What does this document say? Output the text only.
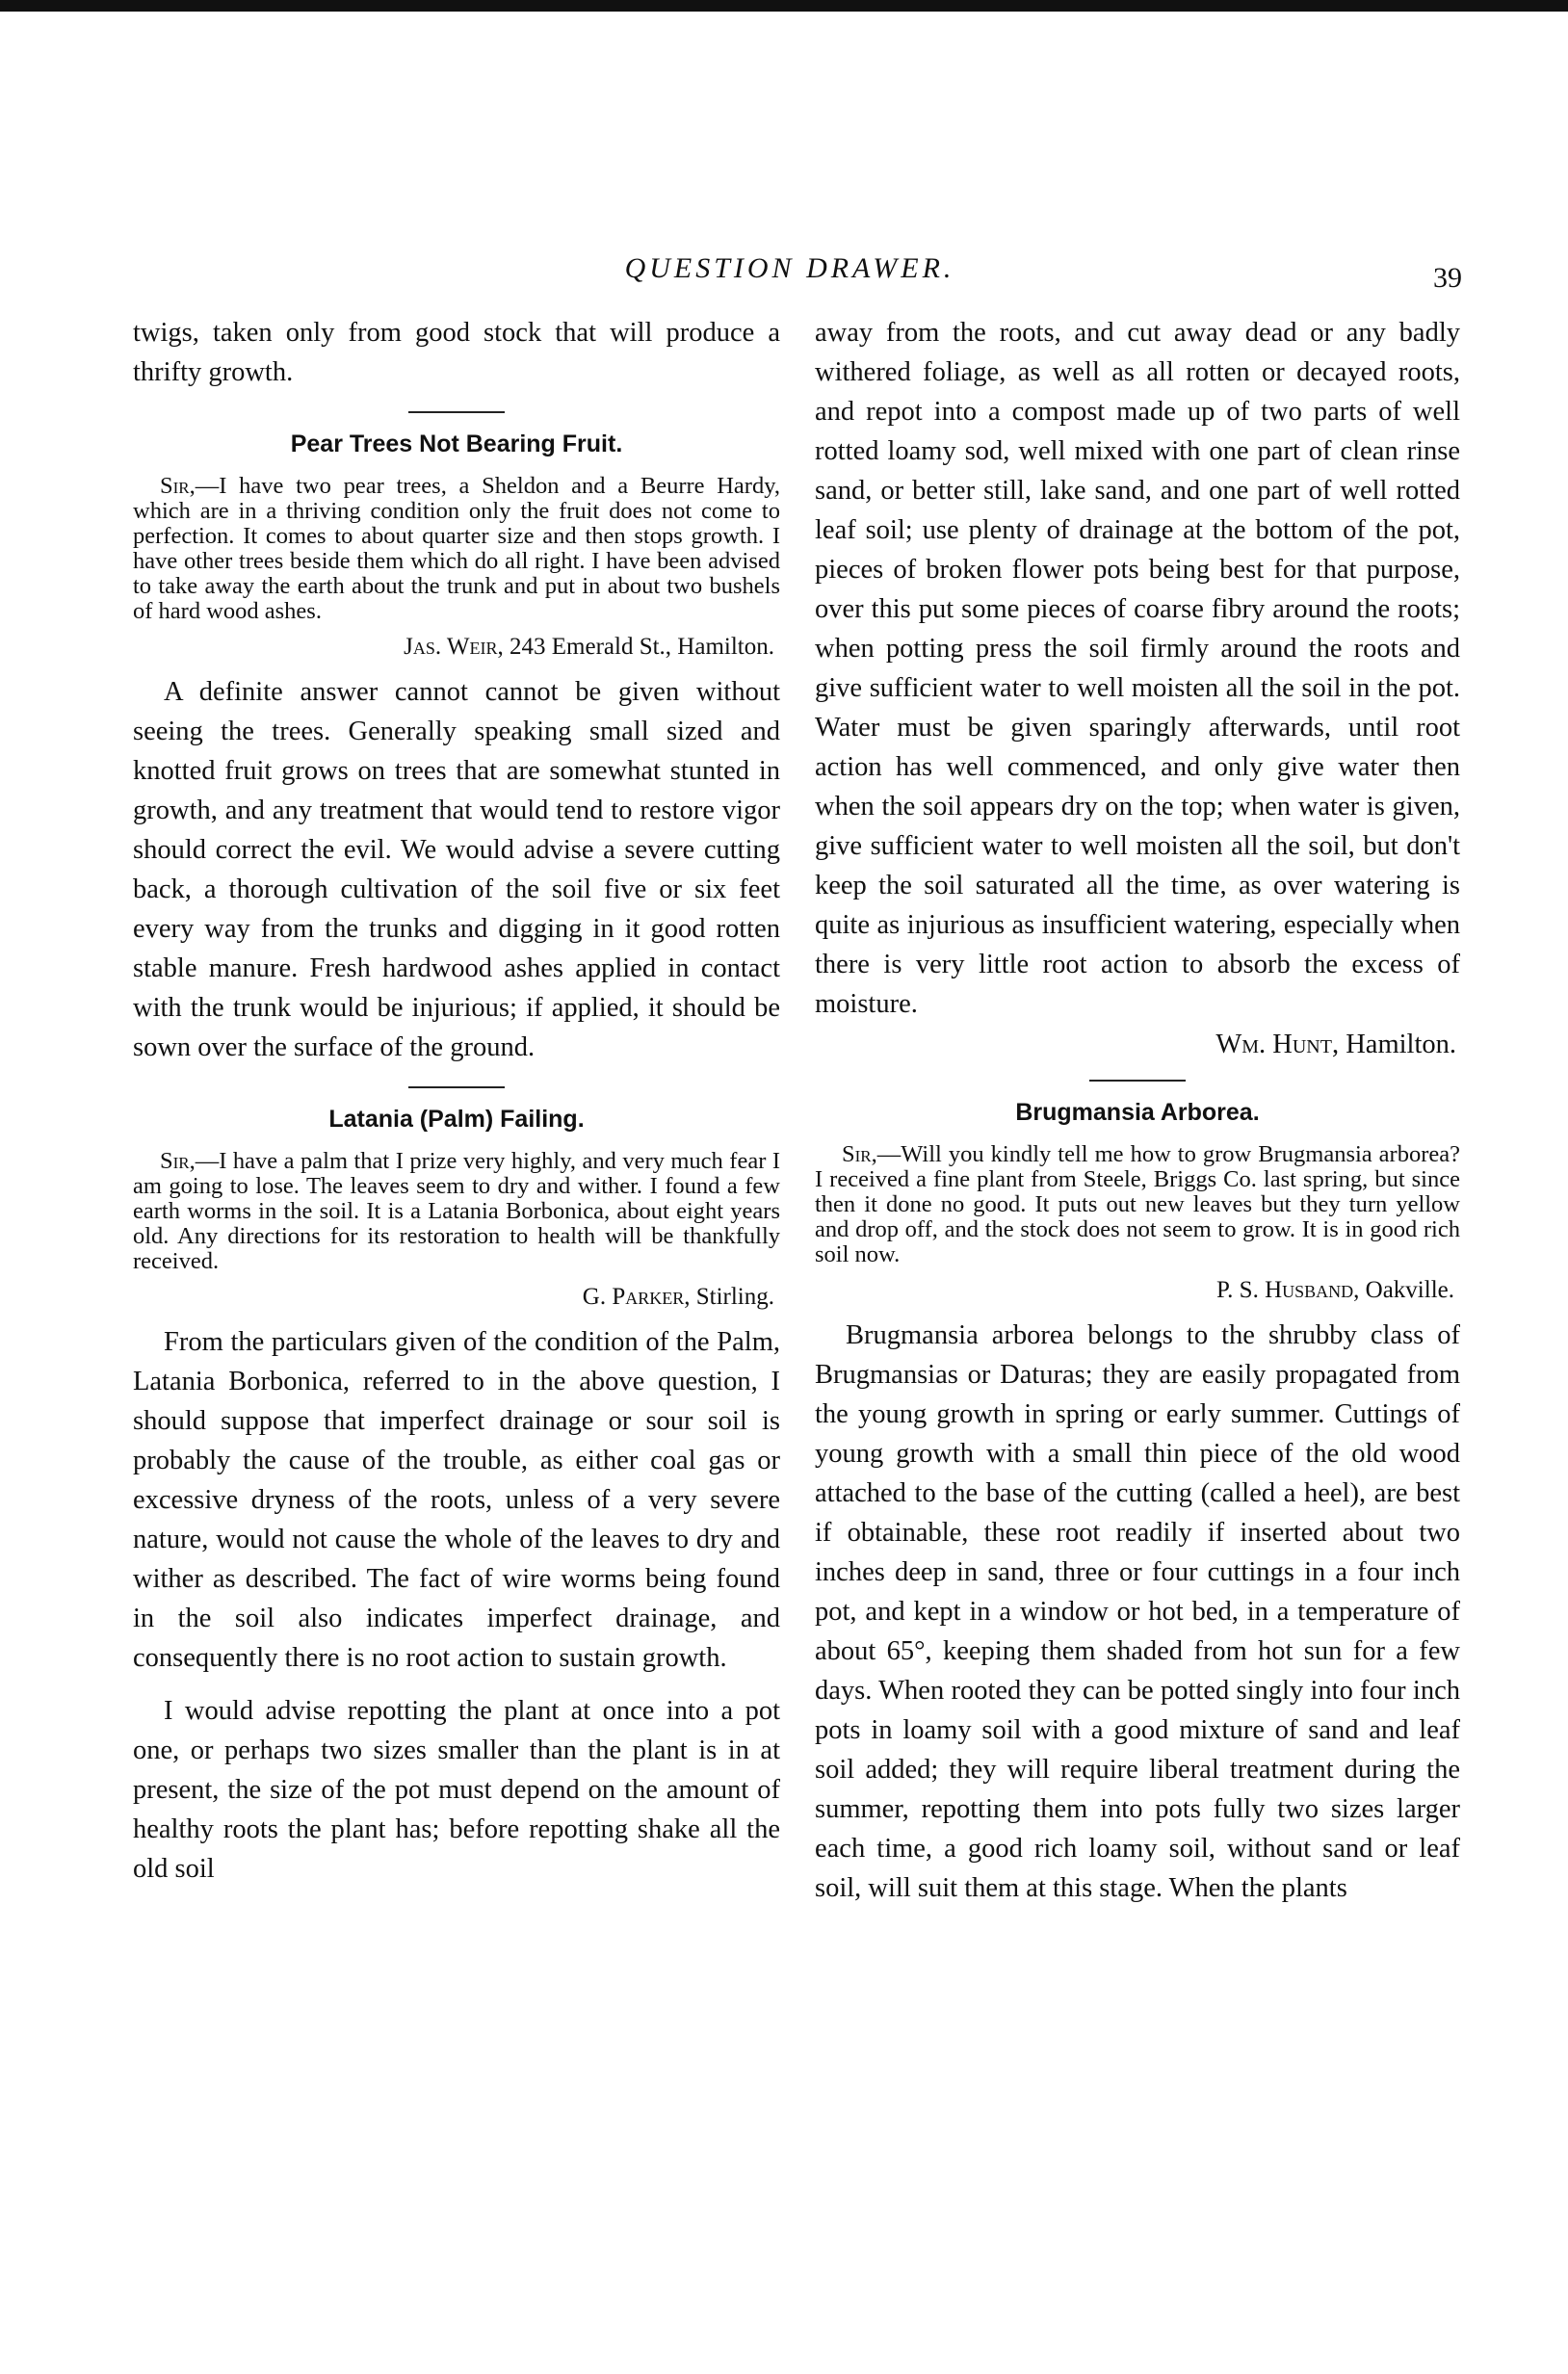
QUESTION DRAWER.	39

twigs, taken only from good stock that will produce a thrifty growth.

Pear Trees Not Bearing Fruit.

Sir,—I have two pear trees, a Sheldon and a Beurre Hardy, which are in a thriving condition only the fruit does not come to perfection. It comes to about quarter size and then stops growth. I have other trees beside them which do all right. I have been advised to take away the earth about the trunk and put in about two bushels of hard wood ashes.

Jas. Weir, 243 Emerald St., Hamilton.

A definite answer cannot cannot be given without seeing the trees. Generally speaking small sized and knotted fruit grows on trees that are somewhat stunted in growth, and any treatment that would tend to restore vigor should correct the evil. We would advise a severe cutting back, a thorough cultivation of the soil five or six feet every way from the trunks and digging in it good rotten stable manure. Fresh hardwood ashes applied in contact with the trunk would be injurious; if applied, it should be sown over the surface of the ground.

Latania (Palm) Failing.

Sir,—I have a palm that I prize very highly, and very much fear I am going to lose. The leaves seem to dry and wither. I found a few earth worms in the soil. It is a Latania Borbonica, about eight years old. Any directions for its restoration to health will be thankfully received.

G. Parker, Stirling.

From the particulars given of the condition of the Palm, Latania Borbonica, referred to in the above question, I should suppose that imperfect drainage or sour soil is probably the cause of the trouble, as either coal gas or excessive dryness of the roots, unless of a very severe nature, would not cause the whole of the leaves to dry and wither as described. The fact of wire worms being found in the soil also indicates imperfect drainage, and consequently there is no root action to sustain growth.

I would advise repotting the plant at once into a pot one, or perhaps two sizes smaller than the plant is in at present, the size of the pot must depend on the amount of healthy roots the plant has; before repotting shake all the old soil

away from the roots, and cut away dead or any badly withered foliage, as well as all rotten or decayed roots, and repot into a compost made up of two parts of well rotted loamy sod, well mixed with one part of clean rinse sand, or better still, lake sand, and one part of well rotted leaf soil; use plenty of drainage at the bottom of the pot, pieces of broken flower pots being best for that purpose, over this put some pieces of coarse fibry around the roots; when potting press the soil firmly around the roots and give sufficient water to well moisten all the soil in the pot. Water must be given sparingly afterwards, until root action has well commenced, and only give water then when the soil appears dry on the top; when water is given, give sufficient water to well moisten all the soil, but don't keep the soil saturated all the time, as over watering is quite as injurious as insufficient watering, especially when there is very little root action to absorb the excess of moisture.

Wm. Hunt, Hamilton.
Brugmansia Arborea.

Sir,—Will you kindly tell me how to grow Brugmansia arborea? I received a fine plant from Steele, Briggs Co. last spring, but since then it done no good. It puts out new leaves but they turn yellow and drop off, and the stock does not seem to grow. It is in good rich soil now.

P. S. Husband, Oakville.

Brugmansia arborea belongs to the shrubby class of Brugmansias or Daturas; they are easily propagated from the young growth in spring or early summer. Cuttings of young growth with a small thin piece of the old wood attached to the base of the cutting (called a heel), are best if obtainable, these root readily if inserted about two inches deep in sand, three or four cuttings in a four inch pot, and kept in a window or hot bed, in a temperature of about 65°, keeping them shaded from hot sun for a few days. When rooted they can be potted singly into four inch pots in loamy soil with a good mixture of sand and leaf soil added; they will require liberal treatment during the summer, repotting them into pots fully two sizes larger each time, a good rich loamy soil, without sand or leaf soil, will suit them at this stage. When the plants
